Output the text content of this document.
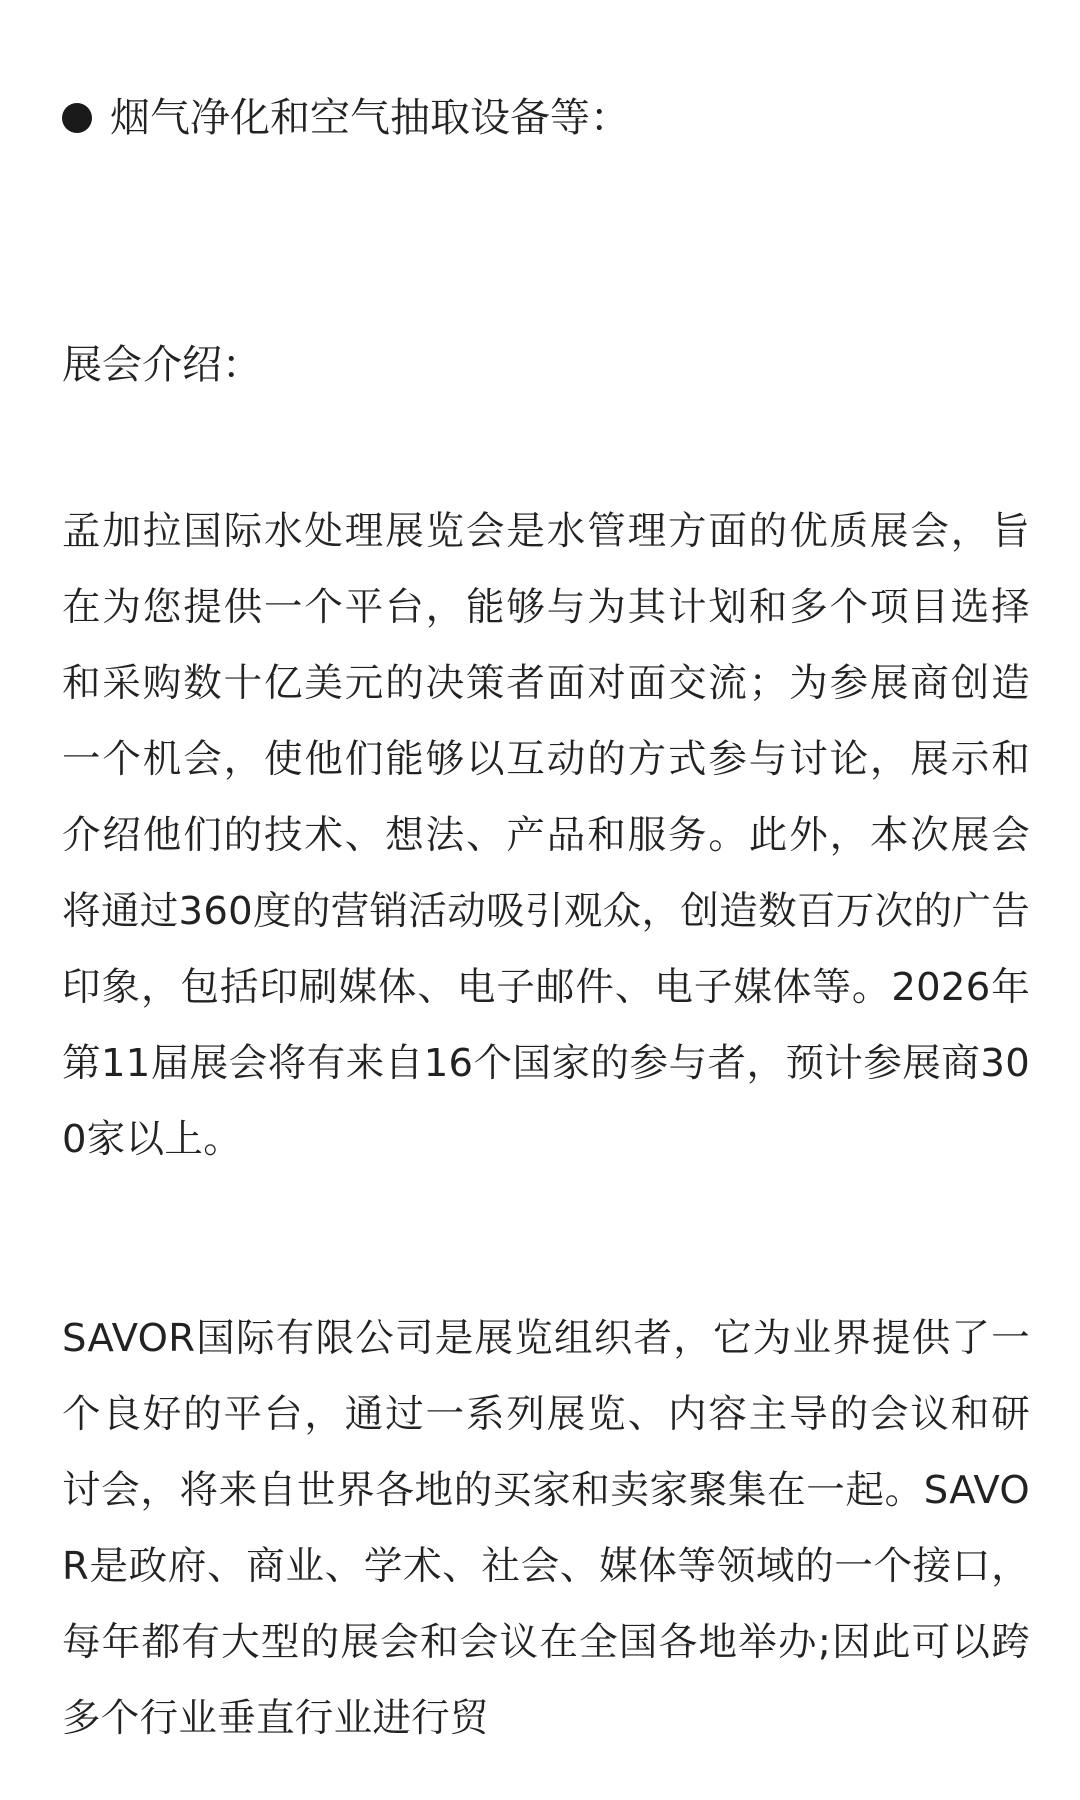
烟气净化和空气抽取设备等：
展会介绍：

孟加拉国际水处理展览会是水管理方面的优质展会，旨在为您提供一个平台，能够与为其计划和多个项目选择和采购数十亿美元的决策者面对面交流；为参展商创造一个机会，使他们能够以互动的方式参与讨论，展示和介绍他们的技术、想法、产品和服务。此外，本次展会将通过360度的营销活动吸引观众，创造数百万次的广告印象，包括印刷媒体、电子邮件、电子媒体等。2026年第11届展会将有来自16个国家的参与者，预计参展商300家以上。

SAVOR国际有限公司是展览组织者，它为业界提供了一个良好的平台，通过一系列展览、内容主导的会议和研讨会，将来自世界各地的买家和卖家聚集在一起。SAVOR是政府、商业、学术、社会、媒体等领域的一个接口，每年都有大型的展会和会议在全国各地举办;因此可以跨多个行业垂直行业进行贸
